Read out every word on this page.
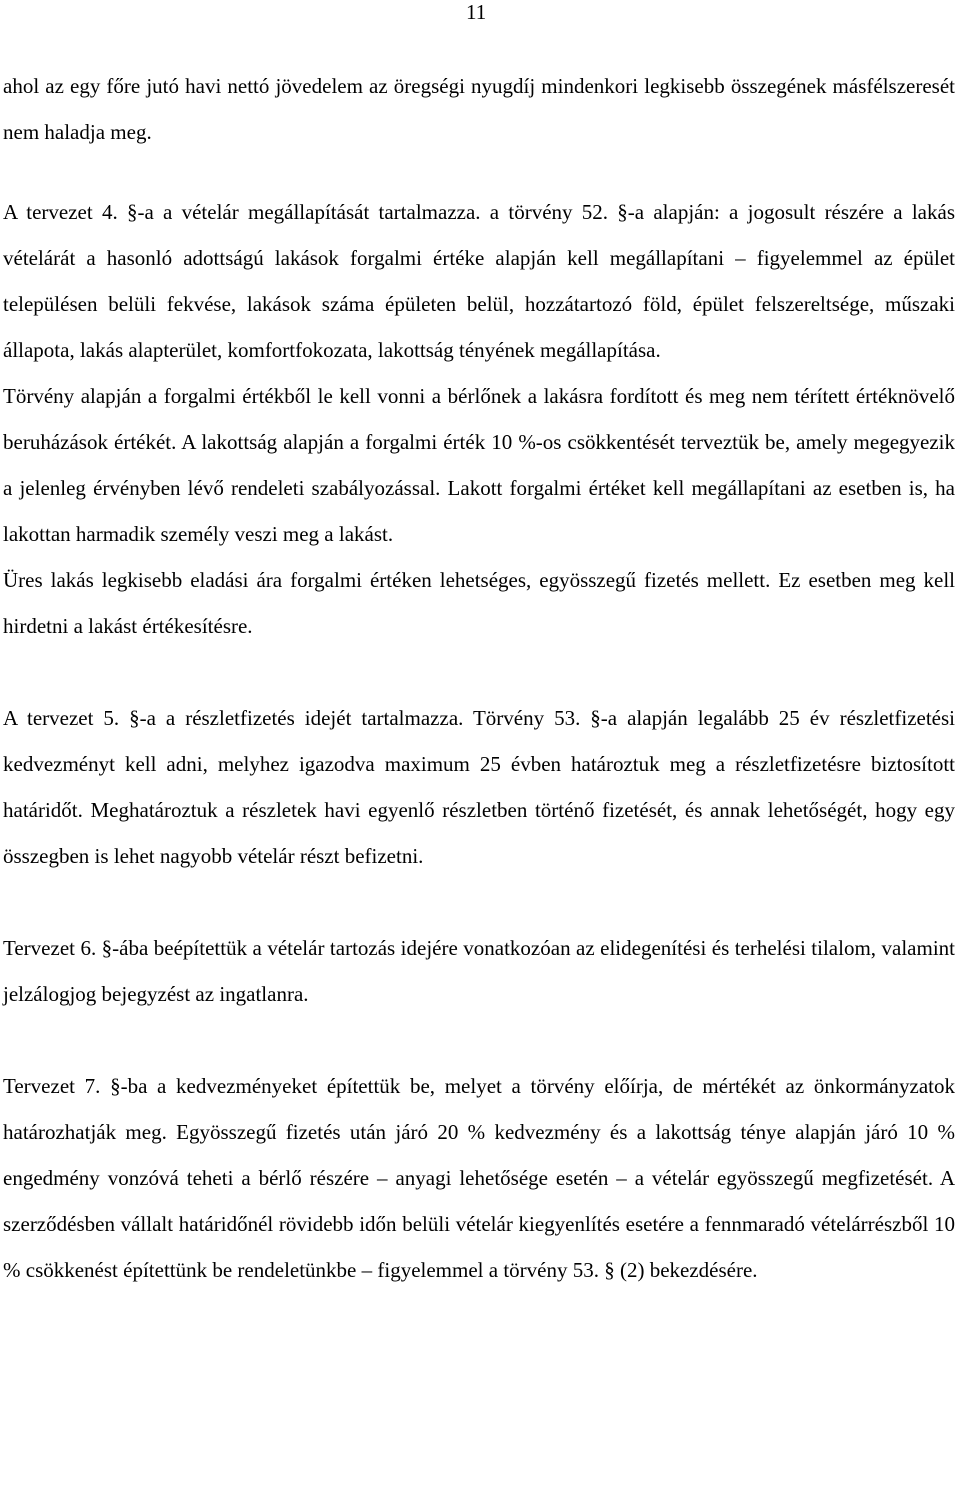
11

ahol az egy főre jutó havi nettó jövedelem az öregségi nyugdíj mindenkori legkisebb összegének másfélszeresét nem haladja meg.

A tervezet 4. §-a a vételár megállapítását tartalmazza. a törvény 52. §-a alapján: a jogosult részére a lakás vételárát a hasonló adottságú lakások forgalmi értéke alapján kell megállapítani – figyelemmel az épület településen belüli fekvése, lakások száma épületen belül, hozzátartozó föld, épület felszereltsége, műszaki állapota, lakás alapterület, komfortfokozata, lakottság tényének megállapítása.

Törvény alapján a forgalmi értékből le kell vonni a bérlőnek a lakásra fordított és meg nem térített értéknövelő beruházások értékét. A lakottság alapján a forgalmi érték 10 %-os csökkentését terveztük be, amely megegyezik a jelenleg érvényben lévő rendeleti szabályozással. Lakott forgalmi értéket kell megállapítani az esetben is, ha lakottan harmadik személy veszi meg a lakást.

Üres lakás legkisebb eladási ára forgalmi értéken lehetséges, egyösszegű fizetés mellett. Ez esetben meg kell hirdetni a lakást értékesítésre.

A tervezet 5. §-a a részletfizetés idejét tartalmazza. Törvény 53. §-a alapján legalább 25 év részletfizetési kedvezményt kell adni, melyhez igazodva maximum 25 évben határoztuk meg a részletfizetésre biztosított határidőt. Meghatároztuk a részletek havi egyenlő részletben történő fizetését, és annak lehetőségét, hogy egy összegben is lehet nagyobb vételár részt befizetni.

Tervezet 6. §-ába beépítettük a vételár tartozás idejére vonatkozóan az elidegenítési és terhelési tilalom, valamint jelzálogjog bejegyzést az ingatlanra.

Tervezet 7. §-ba a kedvezményeket építettük be, melyet a törvény előírja, de mértékét az önkormányzatok határozhatják meg. Egyösszegű fizetés után járó 20 % kedvezmény és a lakottság ténye alapján járó 10 % engedmény vonzóvá teheti a bérlő részére – anyagi lehetősége esetén – a vételár egyösszegű megfizetését. A szerződésben vállalt határidőnél rövidebb időn belüli vételár kiegyenlítés esetére a fennmaradó vételárrészből 10 % csökkenést építettünk be rendeletünkbe – figyelemmel a törvény 53. § (2) bekezdésére.
